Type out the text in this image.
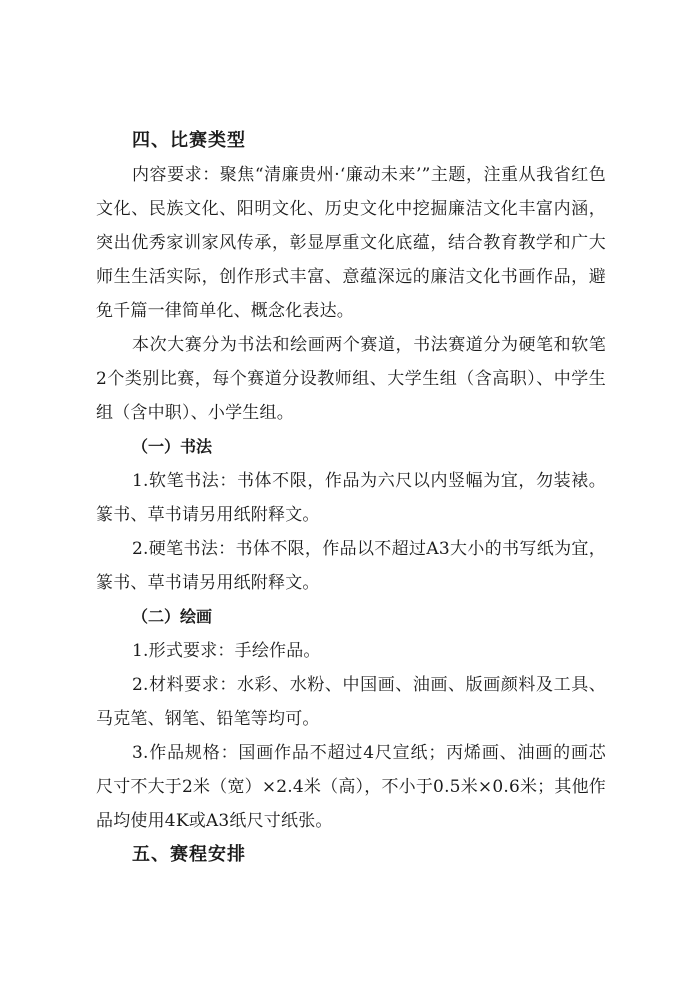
四、比赛类型

内容要求：聚焦“清廉贵州·‘廉动未来’”主题，注重从我省红色文化、民族文化、阳明文化、历史文化中挖掘廉洁文化丰富内涵，突出优秀家训家风传承，彰显厚重文化底蕴，结合教育教学和广大师生生活实际，创作形式丰富、意蕴深远的廉洁文化书画作品，避免千篇一律简单化、概念化表达。

本次大赛分为书法和绘画两个赛道，书法赛道分为硬笔和软笔2个类别比赛，每个赛道分设教师组、大学生组（含高职）、中学生组（含中职）、小学生组。

（一）书法

1.软笔书法：书体不限，作品为六尺以内竖幅为宜，勿装裱。篆书、草书请另用纸附释文。

2.硬笔书法：书体不限，作品以不超过A3大小的书写纸为宜，篆书、草书请另用纸附释文。

（二）绘画

1.形式要求：手绘作品。

2.材料要求：水彩、水粉、中国画、油画、版画颜料及工具、马克笔、钢笔、铅笔等均可。

3.作品规格：国画作品不超过4尺宣纸；丙烯画、油画的画芯尺寸不大于2米（宽）×2.4米（高），不小于0.5米×0.6米；其他作品均使用4K或A3纸尺寸纸张。

五、赛程安排
